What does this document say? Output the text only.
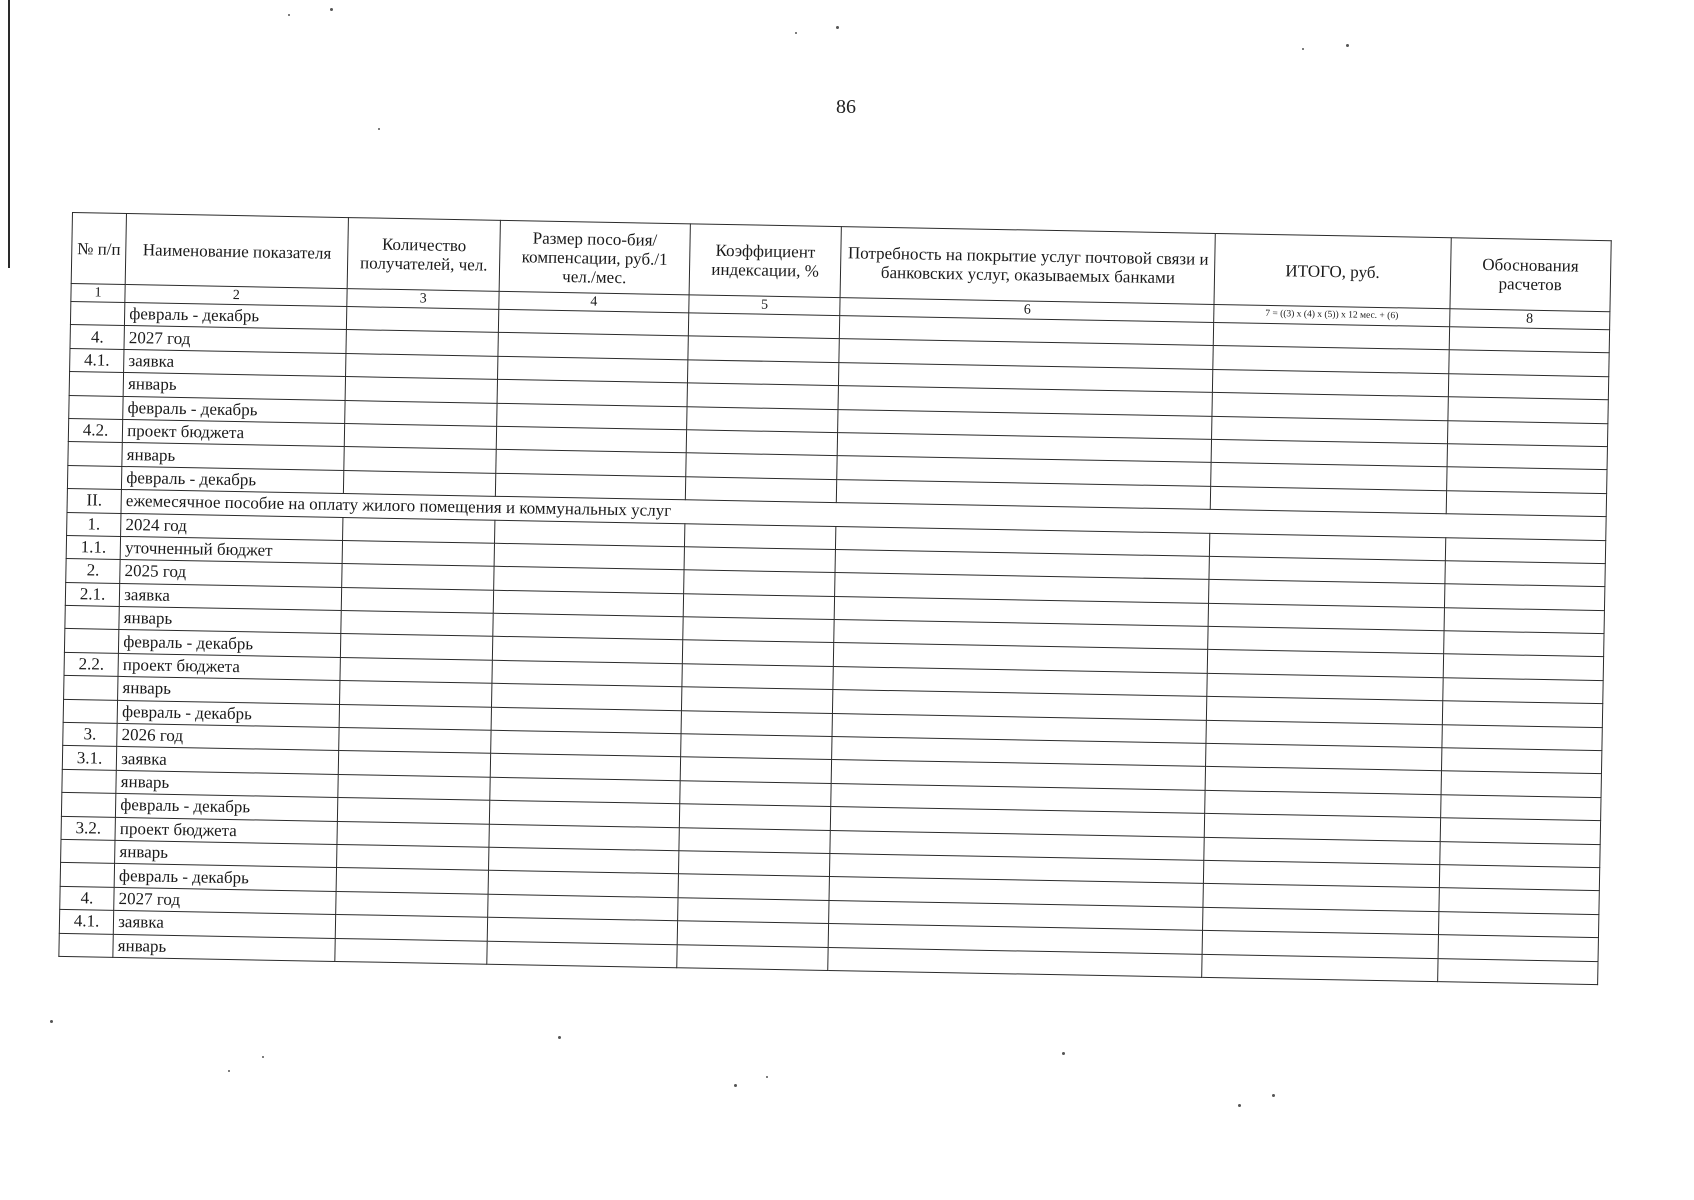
86
№ п/п	Наименование показателя	Количество получателей, чел.	Размер посо-бия/компенсации, руб./1 чел./мес.	Коэффициент индексации, %	Потребность на покрытие услуг почтовой связи и банковских услуг, оказываемых банками	ИТОГО, руб.	Обоснования расчетов
1	2	3	4	5	6	7 = ((3) x (4) x (5)) x 12 мес. + (6)	8
	февраль - декабрь						
4.	2027 год						
4.1.	заявка						
	январь						
	февраль - декабрь						
4.2.	проект бюджета						
	январь						
	февраль - декабрь						
II.	ежемесячное пособие на оплату жилого помещения и коммунальных услуг						
1.	2024 год						
1.1.	уточненный бюджет						
2.	2025 год						
2.1.	заявка						
	январь						
	февраль - декабрь						
2.2.	проект бюджета						
	январь						
	февраль - декабрь						
3.	2026 год						
3.1.	заявка						
	январь						
	февраль - декабрь						
3.2.	проект бюджета						
	январь						
	февраль - декабрь						
4.	2027 год						
4.1.	заявка						
	январь						
